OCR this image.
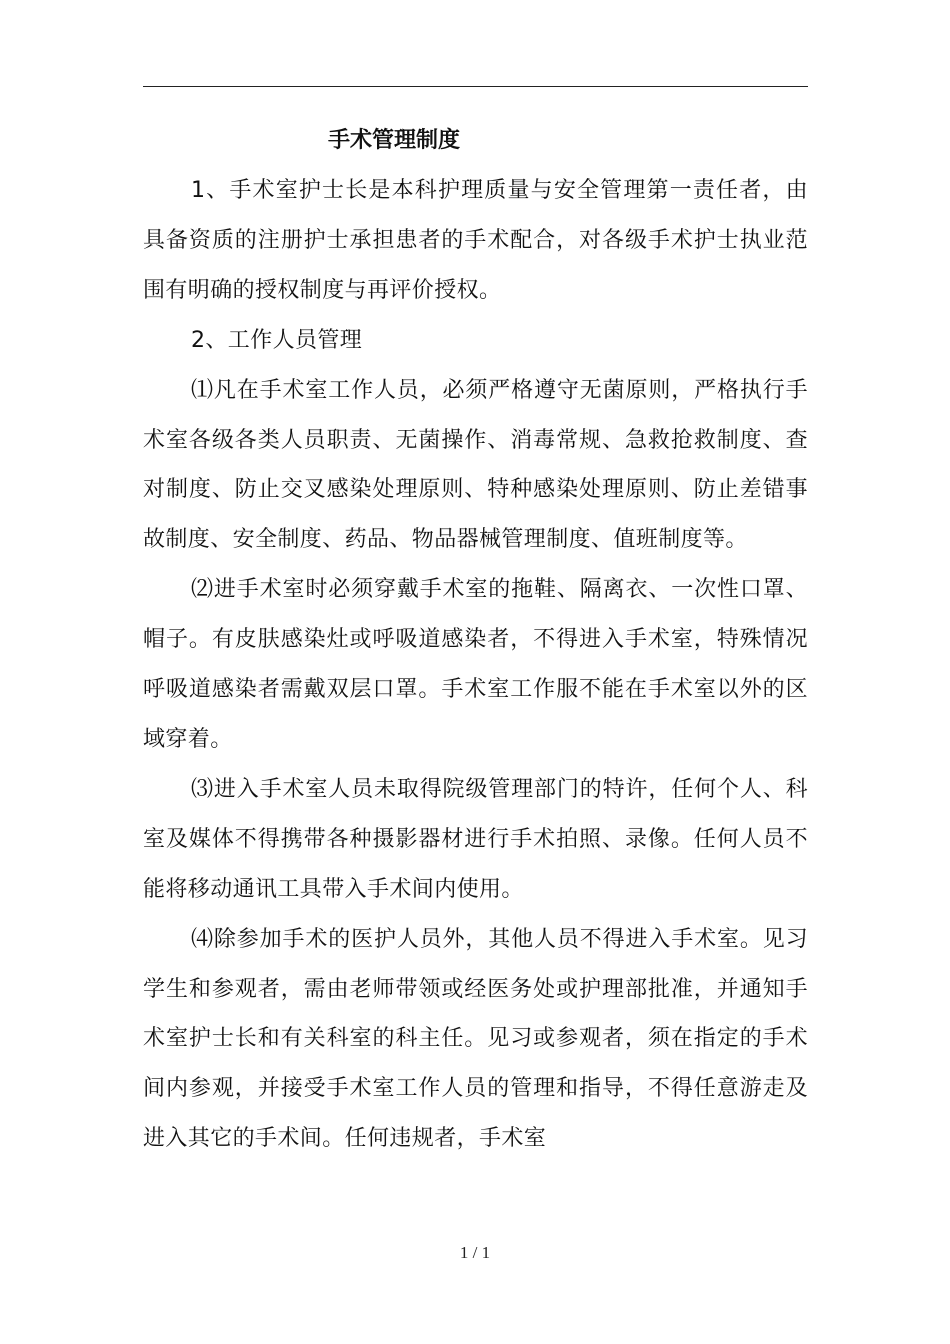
手术管理制度

1、手术室护士长是本科护理质量与安全管理第一责任者，由具备资质的注册护士承担患者的手术配合，对各级手术护士执业范围有明确的授权制度与再评价授权。

2、工作人员管理

⑴凡在手术室工作人员，必须严格遵守无菌原则，严格执行手术室各级各类人员职责、无菌操作、消毒常规、急救抢救制度、查对制度、防止交叉感染处理原则、特种感染处理原则、防止差错事故制度、安全制度、药品、物品器械管理制度、值班制度等。

⑵进手术室时必须穿戴手术室的拖鞋、隔离衣、一次性口罩、帽子。有皮肤感染灶或呼吸道感染者，不得进入手术室，特殊情况呼吸道感染者需戴双层口罩。手术室工作服不能在手术室以外的区域穿着。

⑶进入手术室人员未取得院级管理部门的特许，任何个人、科室及媒体不得携带各种摄影器材进行手术拍照、录像。任何人员不能将移动通讯工具带入手术间内使用。

⑷除参加手术的医护人员外，其他人员不得进入手术室。见习学生和参观者，需由老师带领或经医务处或护理部批准，并通知手术室护士长和有关科室的科主任。见习或参观者，须在指定的手术间内参观，并接受手术室工作人员的管理和指导，不得任意游走及进入其它的手术间。任何违规者，手术室

1 / 1
